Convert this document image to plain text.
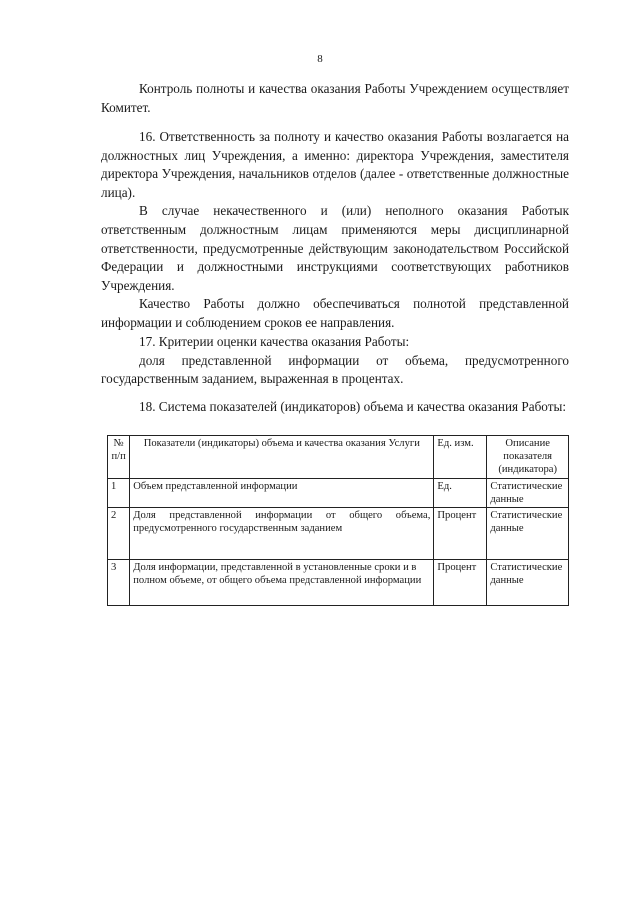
8

Контроль полноты и качества оказания Работы Учреждением осуществляет Комитет.

16. Ответственность за полноту и качество оказания Работы возлагается на должностных лиц Учреждения, а именно: директора Учреждения, заместителя директора Учреждения, начальников отделов (далее - ответственные должностные лица).

В случае некачественного и (или) неполного оказания Работык ответственным должностным лицам применяются меры дисциплинарной ответственности, предусмотренные действующим законодательством Российской Федерации и должностными инструкциями соответствующих работников Учреждения.

Качество Работы должно обеспечиваться полнотой представленной информации и соблюдением сроков ее направления.

17. Критерии оценки качества оказания Работы:

доля представленной информации от объема, предусмотренного государственным заданием, выраженная в процентах.

18. Система показателей (индикаторов) объема и качества оказания Работы:

№ п/п	Показатели (индикаторы) объема и качества оказания Услуги	Ед. изм.	Описание показателя (индикатора)
1	Объем представленной информации	Ед.	Статистические данные
2	Доля представленной информации от общего объема, предусмотренного государственным заданием	Процент	Статистические данные
3	Доля информации, представленной в установленные сроки и в полном объеме, от общего объема представленной информации	Процент	Статистические данные
